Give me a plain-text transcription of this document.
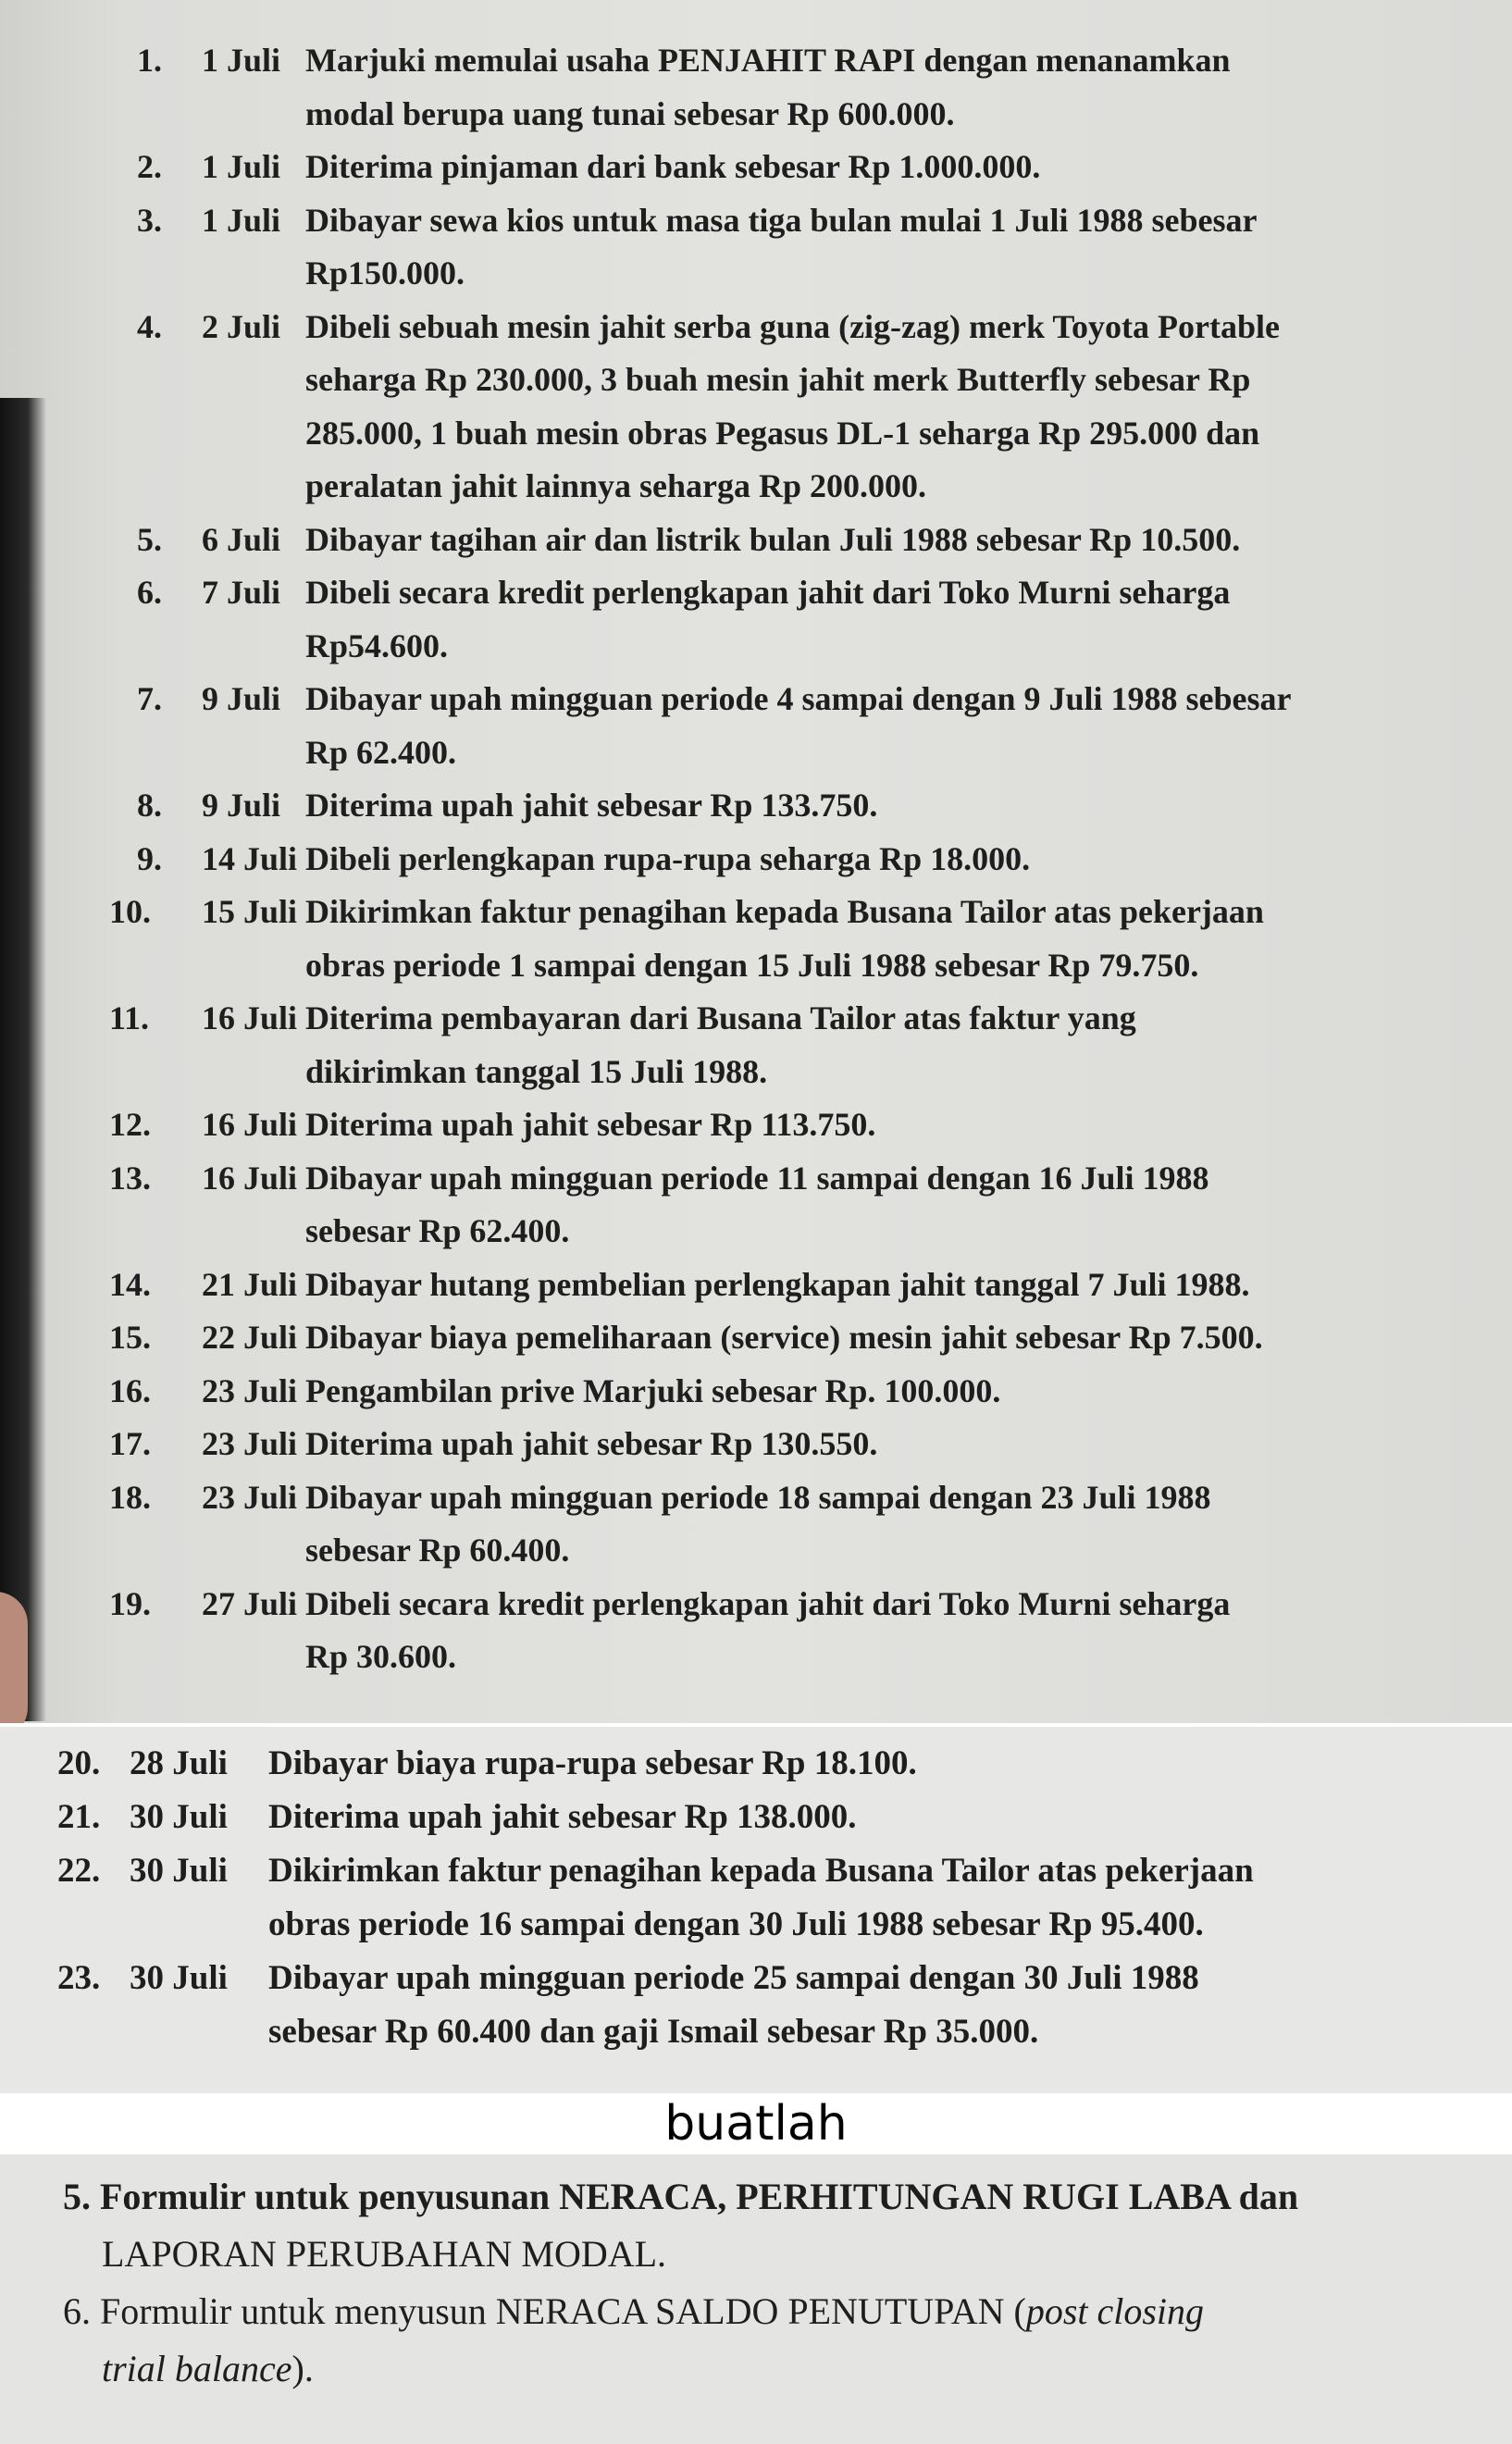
1. 1 Juli Marjuki memulai usaha PENJAHIT RAPI dengan menanamkan
modal berupa uang tunai sebesar Rp 600.000.
2. 1 Juli Diterima pinjaman dari bank sebesar Rp 1.000.000.
3. 1 Juli Dibayar sewa kios untuk masa tiga bulan mulai 1 Juli 1988 sebesar
Rp150.000.
4. 2 Juli Dibeli sebuah mesin jahit serba guna (zig-zag) merk Toyota Portable
seharga Rp 230.000, 3 buah mesin jahit merk Butterfly sebesar Rp
285.000, 1 buah mesin obras Pegasus DL-1 seharga Rp 295.000 dan
peralatan jahit lainnya seharga Rp 200.000.
5. 6 Juli Dibayar tagihan air dan listrik bulan Juli 1988 sebesar Rp 10.500.
6. 7 Juli Dibeli secara kredit perlengkapan jahit dari Toko Murni seharga
Rp54.600.
7. 9 Juli Dibayar upah mingguan periode 4 sampai dengan 9 Juli 1988 sebesar
Rp 62.400.
8. 9 Juli Diterima upah jahit sebesar Rp 133.750.
9. 14 Juli Dibeli perlengkapan rupa-rupa seharga Rp 18.000.
10. 15 Juli Dikirimkan faktur penagihan kepada Busana Tailor atas pekerjaan
obras periode 1 sampai dengan 15 Juli 1988 sebesar Rp 79.750.
11. 16 Juli Diterima pembayaran dari Busana Tailor atas faktur yang
dikirimkan tanggal 15 Juli 1988.
12. 16 Juli Diterima upah jahit sebesar Rp 113.750.
13. 16 Juli Dibayar upah mingguan periode 11 sampai dengan 16 Juli 1988
sebesar Rp 62.400.
14. 21 Juli Dibayar hutang pembelian perlengkapan jahit tanggal 7 Juli 1988.
15. 22 Juli Dibayar biaya pemeliharaan (service) mesin jahit sebesar Rp 7.500.
16. 23 Juli Pengambilan prive Marjuki sebesar Rp. 100.000.
17. 23 Juli Diterima upah jahit sebesar Rp 130.550.
18. 23 Juli Dibayar upah mingguan periode 18 sampai dengan 23 Juli 1988
sebesar Rp 60.400.
19. 27 Juli Dibeli secara kredit perlengkapan jahit dari Toko Murni seharga
Rp 30.600.
20. 28 Juli Dibayar biaya rupa-rupa sebesar Rp 18.100.
21. 30 Juli Diterima upah jahit sebesar Rp 138.000.
22. 30 Juli Dikirimkan faktur penagihan kepada Busana Tailor atas pekerjaan
obras periode 16 sampai dengan 30 Juli 1988 sebesar Rp 95.400.
23. 30 Juli Dibayar upah mingguan periode 25 sampai dengan 30 Juli 1988
sebesar Rp 60.400 dan gaji Ismail sebesar Rp 35.000.
buatlah
5. Formulir untuk penyusunan NERACA, PERHITUNGAN RUGI LABA dan
LAPORAN PERUBAHAN MODAL.
6. Formulir untuk menyusun NERACA SALDO PENUTUPAN (post closing
trial balance).
